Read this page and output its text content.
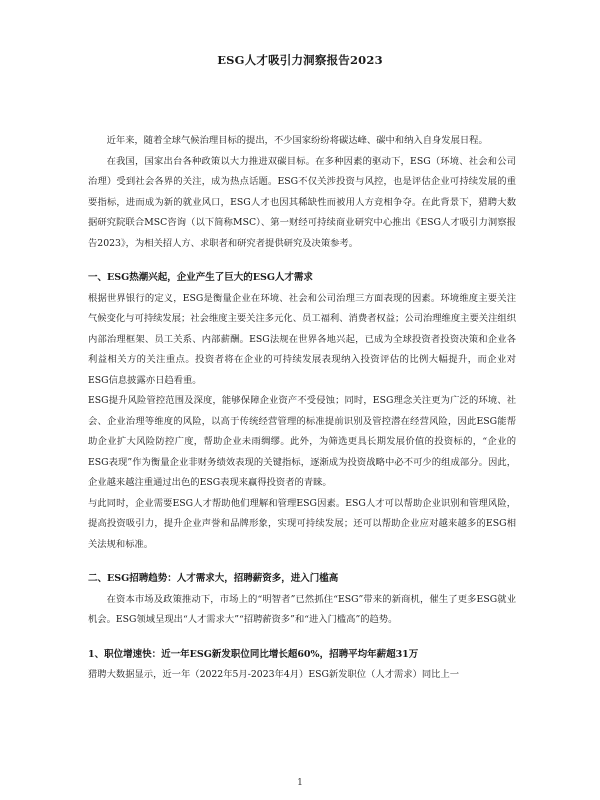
ESG人才吸引力洞察报告2023

近年来，随着全球气候治理目标的提出，不少国家纷纷将碳达峰、碳中和纳入自身发展日程。

在我国，国家出台各种政策以大力推进双碳目标。在多种因素的驱动下，ESG（环境、社会和公司治理）受到社会各界的关注，成为热点话题。ESG不仅关涉投资与风控，也是评估企业可持续发展的重要指标，进而成为新的就业风口，ESG人才也因其稀缺性而被用人方竞相争夺。在此背景下，猎聘大数据研究院联合MSC咨询（以下简称MSC）、第一财经可持续商业研究中心推出《ESG人才吸引力洞察报告2023》，为相关招人方、求职者和研究者提供研究及决策参考。

一、ESG热潮兴起，企业产生了巨大的ESG人才需求

根据世界银行的定义，ESG是衡量企业在环境、社会和公司治理三方面表现的因素。环境维度主要关注气候变化与可持续发展；社会维度主要关注多元化、员工福利、消费者权益；公司治理维度主要关注组织内部治理框架、员工关系、内部薪酬。ESG法规在世界各地兴起，已成为全球投资者投资决策和企业各利益相关方的关注重点。投资者将在企业的可持续发展表现纳入投资评估的比例大幅提升，而企业对ESG信息披露亦日趋看重。

ESG提升风险管控范围及深度，能够保障企业资产不受侵蚀；同时，ESG理念关注更为广泛的环境、社会、企业治理等维度的风险，以高于传统经营管理的标准提前识别及管控潜在经营风险，因此ESG能帮助企业扩大风险防控广度，帮助企业未雨绸缪。此外，为筛选更具长期发展价值的投资标的，“企业的ESG表现”作为衡量企业非财务绩效表现的关键指标，逐渐成为投资战略中必不可少的组成部分。因此，企业越来越注重通过出色的ESG表现来赢得投资者的青睐。

与此同时，企业需要ESG人才帮助他们理解和管理ESG因素。ESG人才可以帮助企业识别和管理风险，提高投资吸引力，提升企业声誉和品牌形象，实现可持续发展；还可以帮助企业应对越来越多的ESG相关法规和标准。

二、ESG招聘趋势：人才需求大，招聘薪资多，进入门槛高

在资本市场及政策推动下，市场上的“明智者”已然抓住“ESG”带来的新商机，催生了更多ESG就业机会。ESG领域呈现出“人才需求大”“招聘薪资多”和“进入门槛高”的趋势。

1、职位增速快：近一年ESG新发职位同比增长超60%，招聘平均年薪超31万

猎聘大数据显示，近一年（2022年5月-2023年4月）ESG新发职位（人才需求）同比上一

1
